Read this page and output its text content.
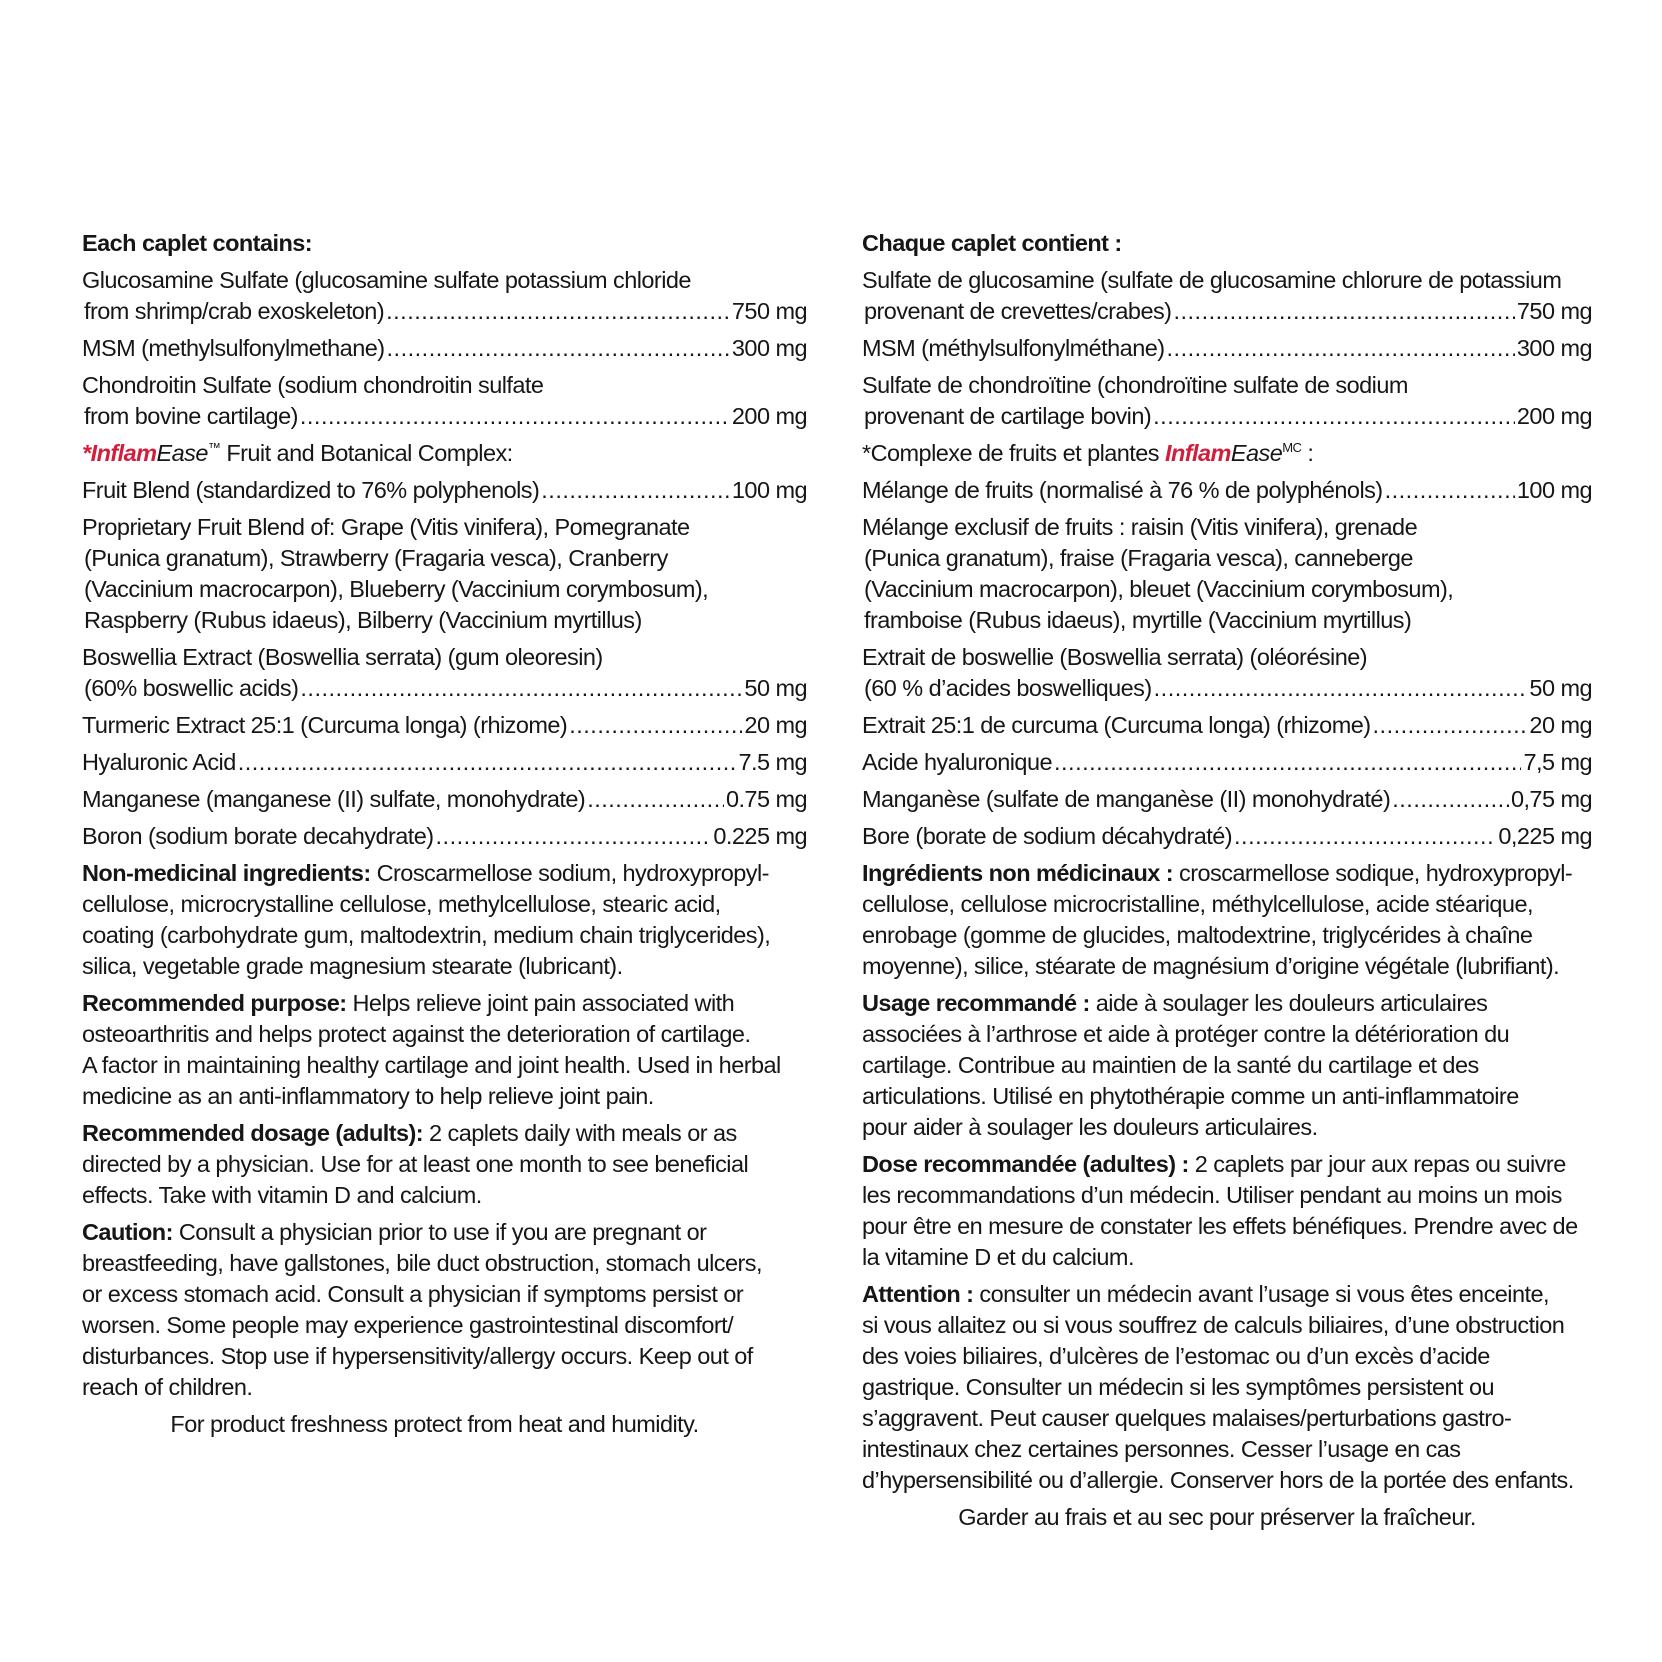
Each caplet contains:
Glucosamine Sulfate (glucosamine sulfate potassium chloride
from shrimp/crab exoskeleton) .....	750 mg
MSM (methylsulfonylmethane) .....	300 mg
Chondroitin Sulfate (sodium chondroitin sulfate
from bovine cartilage) .....	200 mg
*InflamEase™ Fruit and Botanical Complex:
Fruit Blend (standardized to 76% polyphenols) .....	100 mg
Proprietary Fruit Blend of: Grape (Vitis vinifera), Pomegranate
(Punica granatum), Strawberry (Fragaria vesca), Cranberry
(Vaccinium macrocarpon), Blueberry (Vaccinium corymbosum),
Raspberry (Rubus idaeus), Bilberry (Vaccinium myrtillus)
Boswellia Extract (Boswellia serrata) (gum oleoresin)
(60% boswellic acids) .....	50 mg
Turmeric Extract 25:1 (Curcuma longa) (rhizome) .....	20 mg
Hyaluronic Acid .....	7.5 mg
Manganese (manganese (II) sulfate, monohydrate) .....	0.75 mg
Boron (sodium borate decahydrate) .....	0.225 mg
Non-medicinal ingredients: Croscarmellose sodium, hydroxypropyl-
cellulose, microcrystalline cellulose, methylcellulose, stearic acid,
coating (carbohydrate gum, maltodextrin, medium chain triglycerides),
silica, vegetable grade magnesium stearate (lubricant).
Recommended purpose: Helps relieve joint pain associated with
osteoarthritis and helps protect against the deterioration of cartilage.
A factor in maintaining healthy cartilage and joint health. Used in herbal
medicine as an anti-inflammatory to help relieve joint pain.
Recommended dosage (adults): 2 caplets daily with meals or as
directed by a physician. Use for at least one month to see beneficial
effects. Take with vitamin D and calcium.
Caution: Consult a physician prior to use if you are pregnant or
breastfeeding, have gallstones, bile duct obstruction, stomach ulcers,
or excess stomach acid. Consult a physician if symptoms persist or
worsen. Some people may experience gastrointestinal discomfort/
disturbances. Stop use if hypersensitivity/allergy occurs. Keep out of
reach of children.
For product freshness protect from heat and humidity.
Chaque caplet contient :
Sulfate de glucosamine (sulfate de glucosamine chlorure de potassium
provenant de crevettes/crabes) .....	750 mg
MSM (méthylsulfonylméthane) .....	300 mg
Sulfate de chondroïtine (chondroïtine sulfate de sodium
provenant de cartilage bovin) .....	200 mg
*Complexe de fruits et plantes InflamEase$^{MC}$ :
Mélange de fruits (normalisé à 76 % de polyphénols) .....	100 mg
Mélange exclusif de fruits : raisin (Vitis vinifera), grenade
(Punica granatum), fraise (Fragaria vesca), canneberge
(Vaccinium macrocarpon), bleuet (Vaccinium corymbosum),
framboise (Rubus idaeus), myrtille (Vaccinium myrtillus)
Extrait de boswellie (Boswellia serrata) (oléorésine)
(60 % d’acides boswelliques) .....	50 mg
Extrait 25:1 de curcuma (Curcuma longa) (rhizome) .....	20 mg
Acide hyaluronique .....	7,5 mg
Manganèse (sulfate de manganèse (II) monohydraté) .....	0,75 mg
Bore (borate de sodium décahydraté) .....	0,225 mg
Ingrédients non médicinaux : croscarmellose sodique, hydroxypropyl-
cellulose, cellulose microcristalline, méthylcellulose, acide stéarique,
enrobage (gomme de glucides, maltodextrine, triglycérides à chaîne
moyenne), silice, stéarate de magnésium d’origine végétale (lubrifiant).
Usage recommandé : aide à soulager les douleurs articulaires
associées à l’arthrose et aide à protéger contre la détérioration du
cartilage. Contribue au maintien de la santé du cartilage et des
articulations. Utilisé en phytothérapie comme un anti-inflammatoire
pour aider à soulager les douleurs articulaires.
Dose recommandée (adultes) : 2 caplets par jour aux repas ou suivre
les recommandations d’un médecin. Utiliser pendant au moins un mois
pour être en mesure de constater les effets bénéfiques. Prendre avec de
la vitamine D et du calcium.
Attention : consulter un médecin avant l’usage si vous êtes enceinte,
si vous allaitez ou si vous souffrez de calculs biliaires, d’une obstruction
des voies biliaires, d’ulcères de l’estomac ou d’un excès d’acide
gastrique. Consulter un médecin si les symptômes persistent ou
s’aggravent. Peut causer quelques malaises/perturbations gastro-
intestinaux chez certaines personnes. Cesser l’usage en cas
d’hypersensibilité ou d’allergie. Conserver hors de la portée des enfants.
Garder au frais et au sec pour préserver la fraîcheur.
